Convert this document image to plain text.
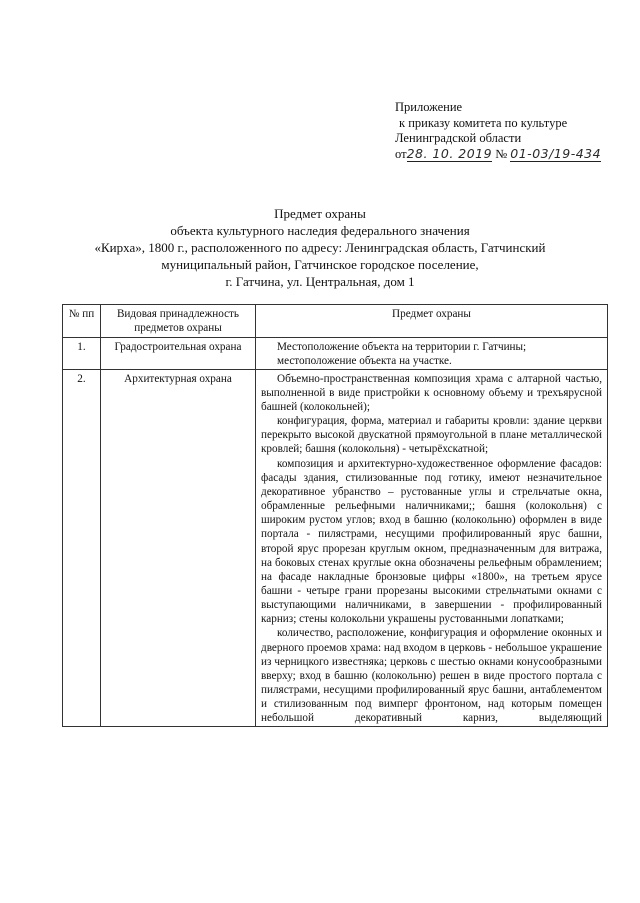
Приложение
к приказу комитета по культуре
Ленинградской области
от28. 10. 2019 № 01-03/19-434
Предмет охраны
объекта культурного наследия федерального значения
«Кирха», 1800 г., расположенного по адресу: Ленинградская область, Гатчинский
муниципальный район, Гатчинское городское поселение,
г. Гатчина, ул. Центральная, дом 1
№ пп	Видовая принадлежность предметов охраны	Предмет охраны
1.	Градостроительная охрана	Местоположение объекта на территории г. Гатчины;

местоположение объекта на участке.

2.	Архитектурная охрана	Объемно-пространственная композиция храма с алтарной частью, выполненной в виде пристройки к основному объему и трехъярусной башней (колокольней);

конфигурация, форма, материал и габариты кровли: здание церкви перекрыто высокой двускатной прямоугольной в плане металлической кровлей; башня (колокольня) - четырёхскатной;

композиция и архитектурно-художественное оформление фасадов: фасады здания, стилизованные под готику, имеют незначительное декоративное убранство – рустованные углы и стрельчатые окна, обрамленные рельефными наличниками;; башня (колокольня) с широким рустом углов; вход в башню (колокольню) оформлен в виде портала - пилястрами, несущими профилированный ярус башни, второй ярус прорезан круглым окном, предназначенным для витража, на боковых стенах круглые окна обозначены рельефным обрамлением; на фасаде накладные бронзовые цифры «1800», на третьем ярусе башни - четыре грани прорезаны высокими стрельчатыми окнами с выступающими наличниками, в завершении - профилированный карниз; стены колокольни украшены рустованными лопатками;

количество, расположение, конфигурация и оформление оконных и дверного проемов храма: над входом в церковь - небольшое украшение из черницкого известняка; церковь с шестью окнами конусообразными вверху; вход в башню (колокольню) решен в виде простого портала с пилястрами, несущими профилированный ярус башни, антаблементом и стилизованным под вимперг фронтоном, над которым помещен небольшой декоративный карниз, выделяющий
